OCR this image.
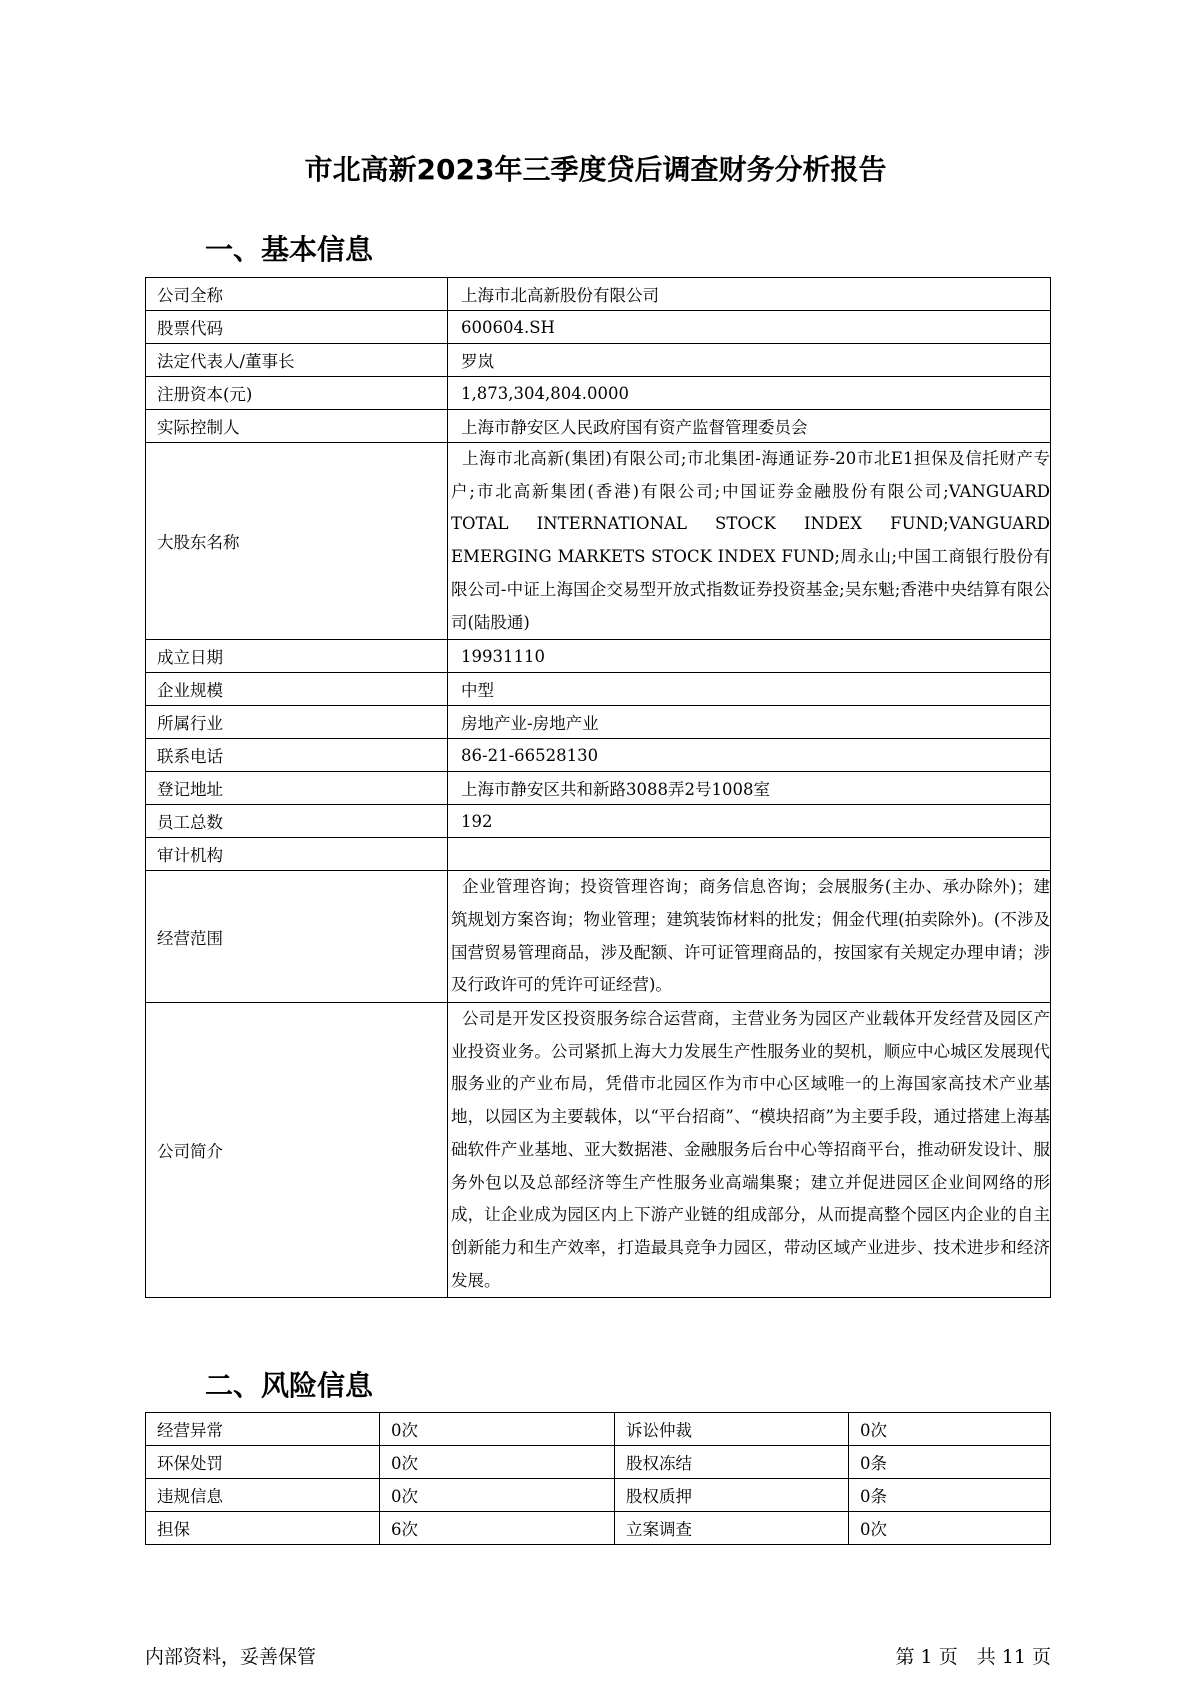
市北高新2023年三季度贷后调查财务分析报告
一、基本信息
公司全称	上海市北高新股份有限公司
股票代码	600604.SH
法定代表人/董事长	罗岚
注册资本(元)	1,873,304,804.0000
实际控制人	上海市静安区人民政府国有资产监督管理委员会
大股东名称	上海市北高新(集团)有限公司;市北集团-海通证券-20市北E1担保及信托财产专户;市北高新集团(香港)有限公司;中国证券金融股份有限公司;VANGUARD TOTAL INTERNATIONAL STOCK INDEX FUND;VANGUARD EMERGING MARKETS STOCK INDEX FUND;周永山;中国工商银行股份有限公司-中证上海国企交易型开放式指数证券投资基金;吴东魁;香港中央结算有限公司(陆股通)
成立日期	19931110
企业规模	中型
所属行业	房地产业-房地产业
联系电话	86-21-66528130
登记地址	上海市静安区共和新路3088弄2号1008室
员工总数	192
审计机构	
经营范围	企业管理咨询；投资管理咨询；商务信息咨询；会展服务(主办、承办除外)；建筑规划方案咨询；物业管理；建筑装饰材料的批发；佣金代理(拍卖除外)。(不涉及国营贸易管理商品，涉及配额、许可证管理商品的，按国家有关规定办理申请；涉及行政许可的凭许可证经营)。
公司简介	公司是开发区投资服务综合运营商，主营业务为园区产业载体开发经营及园区产业投资业务。公司紧抓上海大力发展生产性服务业的契机，顺应中心城区发展现代服务业的产业布局，凭借市北园区作为市中心区域唯一的上海国家高技术产业基地，以园区为主要载体，以“平台招商”、“模块招商”为主要手段，通过搭建上海基础软件产业基地、亚大数据港、金融服务后台中心等招商平台，推动研发设计、服务外包以及总部经济等生产性服务业高端集聚；建立并促进园区企业间网络的形成，让企业成为园区内上下游产业链的组成部分，从而提高整个园区内企业的自主创新能力和生产效率，打造最具竞争力园区，带动区域产业进步、技术进步和经济发展。
二、风险信息
经营异常	0次	诉讼仲裁	0次
环保处罚	0次	股权冻结	0条
违规信息	0次	股权质押	0条
担保	6次	立案调查	0次
内部资料，妥善保管	第 1 页　共 11 页
